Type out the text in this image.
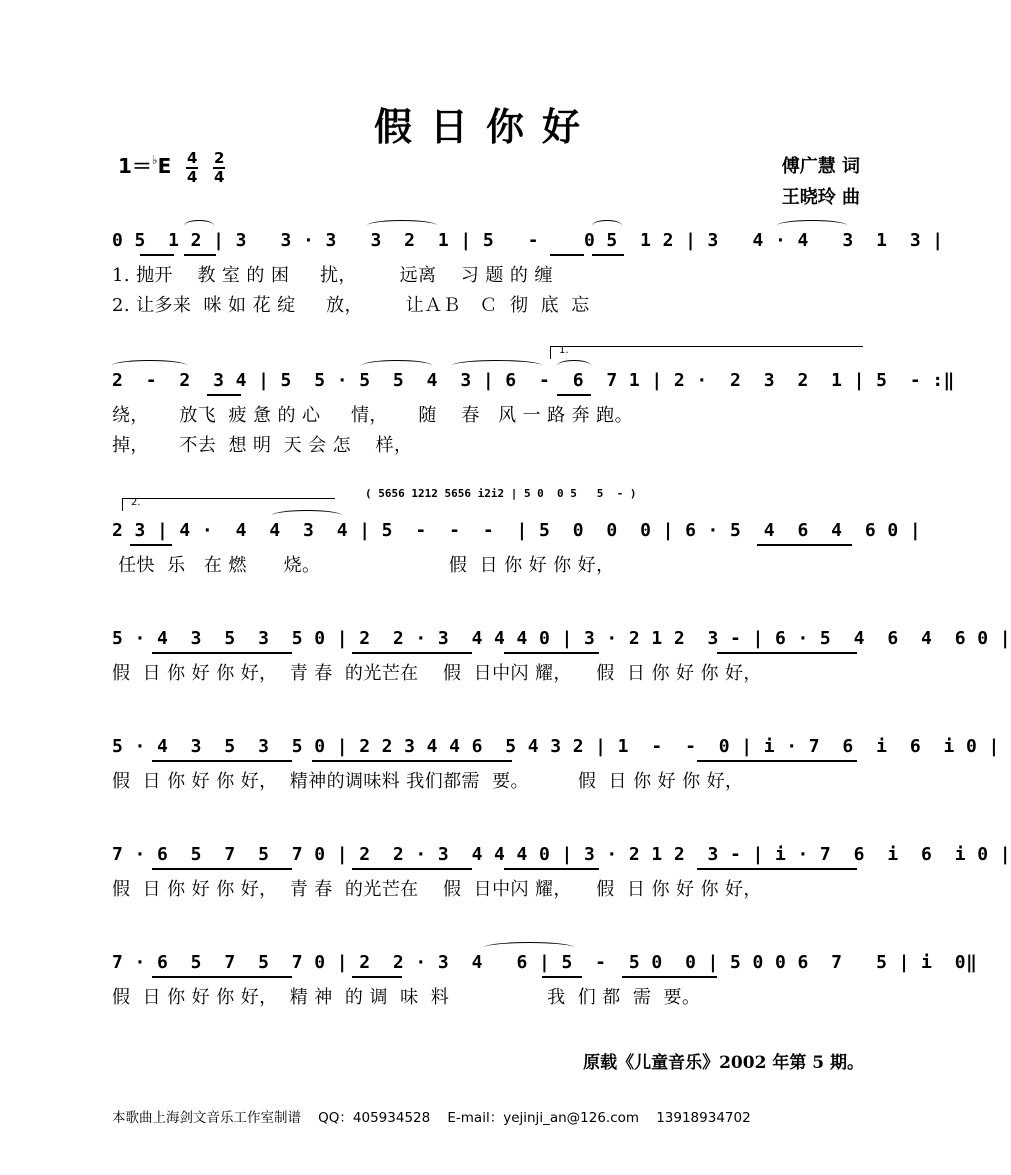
假日你好
$1=^♭E \frac{4}{4} \frac{2}{4}$	傅广慧 词
王晓玲 曲
0 5  1 2 | 3   3 · 3   3  2  1 | 5   -    0 5  1 2 | 3   4 · 4   3  1  3 |
1. 抛开    教 室 的 困     扰，       远离    习 题 的 缠
2. 让多来  咪 如 花 绽     放，       让ＡＢ   Ｃ  彻  底  忘
1.
2  -  2  3 4 | 5  5 · 5  5  4  3 | 6  -  6  7 1 | 2 ·  2  3  2  1 | 5  - :‖
绕，     放飞  疲 惫 的 心     情，     随    春   风 一 路 奔 跑。
掉，     不去  想 明  天 会 怎    样，
2.
( 5656 1212 5656 i2i2 | 5 0  0 5   5  - )
2 3 | 4 ·  4  4  3  4 | 5  -  -  -  | 5  0  0  0 | 6 · 5  4  6  4  6 0 |
任快  乐   在 燃      烧。                     假  日 你 好 你 好，
5 · 4  3  5  3  5 0 | 2  2 · 3  4 4 4 0 | 3 · 2 1 2  3 - | 6 · 5  4  6  4  6 0 |
假  日 你 好 你 好，  青 春  的光芒在    假  日中闪 耀，    假  日 你 好 你 好，
5 · 4  3  5  3  5 0 | 2 2 3 4 4 6  5 4 3 2 | 1  -  -  0 | i · 7  6  i  6  i 0 |
假  日 你 好 你 好，  精神的调味料 我们都需  要。        假  日 你 好 你 好，
7 · 6  5  7  5  7 0 | 2  2 · 3  4 4 4 0 | 3 · 2 1 2  3 - | i · 7  6  i  6  i 0 |
假  日 你 好 你 好，  青 春  的光芒在    假  日中闪 耀，    假  日 你 好 你 好，
7 · 6  5  7  5  7 0 | 2  2 · 3  4   6 | 5  -  5 0  0 | 5 0 0 6  7   5 | i  0‖
假  日 你 好 你 好，  精 神  的 调  味  料                我  们 都  需  要。
原载《儿童音乐》2002 年第 5 期。
本歌曲上海剑文音乐工作室制谱    QQ：405934528    E-mail：yejinji_an@126.com    13918934702
